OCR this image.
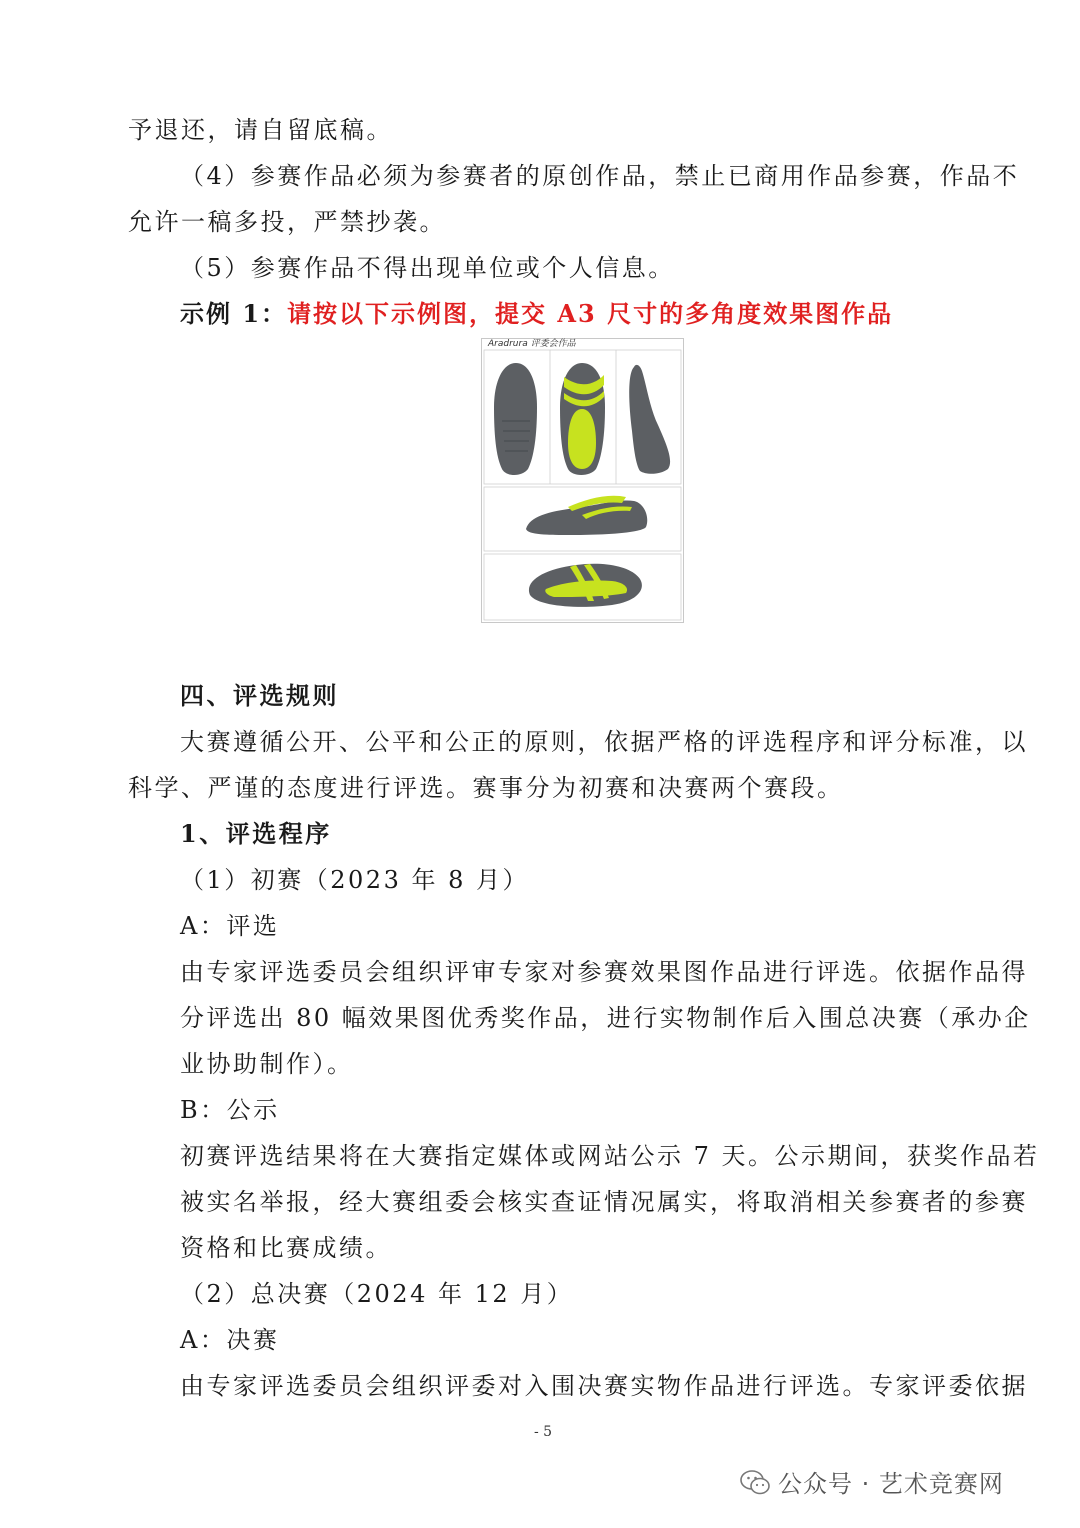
予退还，请自留底稿。
（4）参赛作品必须为参赛者的原创作品，禁止已商用作品参赛，作品不
允许一稿多投，严禁抄袭。
（5）参赛作品不得出现单位或个人信息。
示例 1：请按以下示例图，提交 A3 尺寸的多角度效果图作品
Aradrura 评委会作品
四、评选规则
大赛遵循公开、公平和公正的原则，依据严格的评选程序和评分标准，以
科学、严谨的态度进行评选。赛事分为初赛和决赛两个赛段。
1、评选程序
（1）初赛（2023 年 8 月）
A：评选
由专家评选委员会组织评审专家对参赛效果图作品进行评选。依据作品得
分评选出 80 幅效果图优秀奖作品，进行实物制作后入围总决赛（承办企
业协助制作）。
B：公示
初赛评选结果将在大赛指定媒体或网站公示 7 天。公示期间，获奖作品若
被实名举报，经大赛组委会核实查证情况属实，将取消相关参赛者的参赛
资格和比赛成绩。
（2）总决赛（2024 年 12 月）
A：决赛
由专家评选委员会组织评委对入围决赛实物作品进行评选。专家评委依据
- 5
公众号 · 艺术竞赛网
